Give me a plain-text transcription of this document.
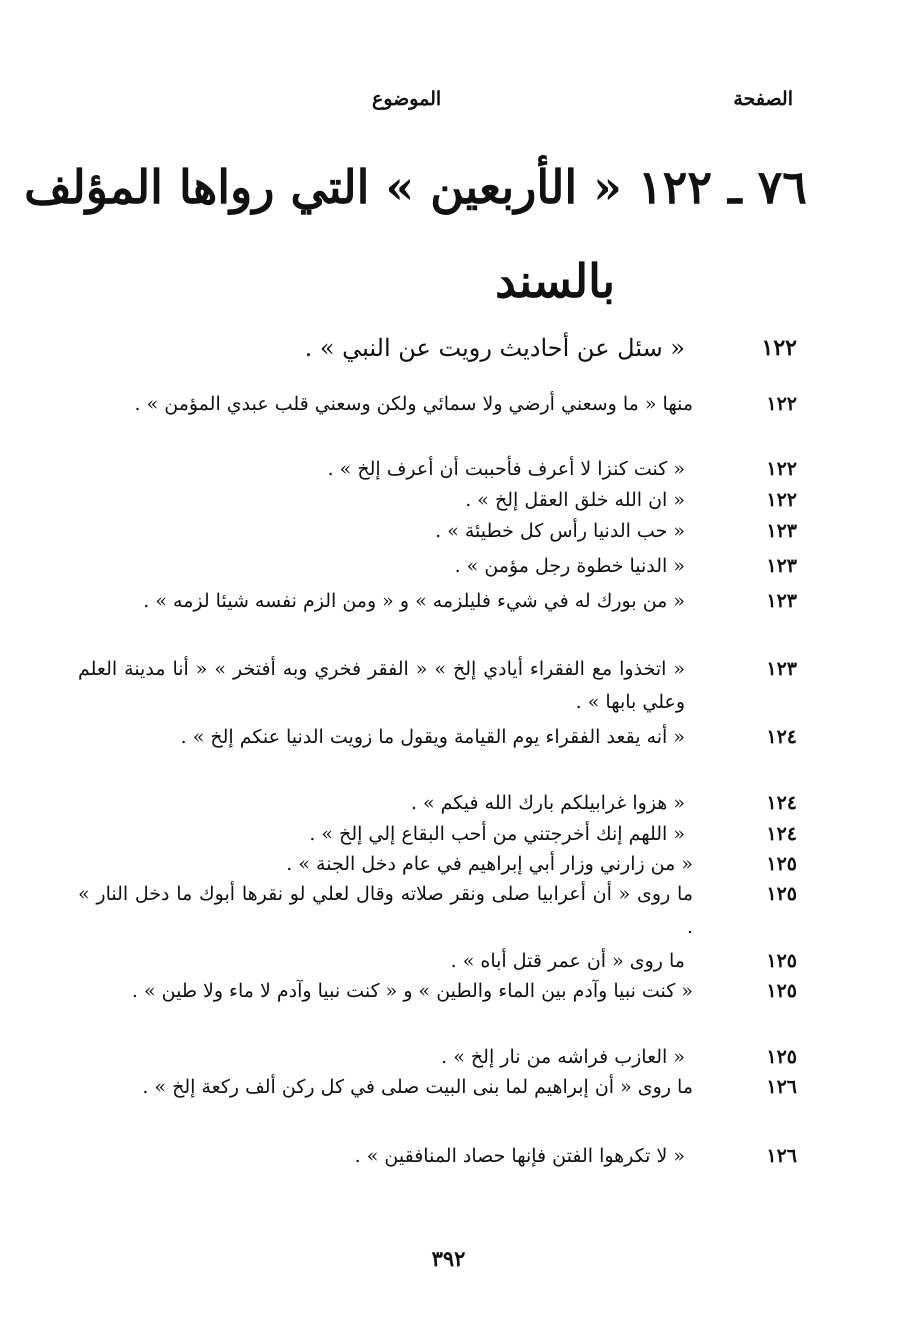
الصفحة
الموضوع
٧٦ ـ ١٢٢ « الأربعين » التي رواها المؤلف
بالسند
١٢٢
« سئل عن أحاديث رويت عن النبي » .
١٢٢
منها « ما وسعني أرضي ولا سمائي ولكن وسعني قلب عبدي المؤمن » .
١٢٢
« كنت كنزا لا أعرف فأحببت أن أعرف إلخ » .
١٢٢
« ان الله خلق العقل إلخ » .
١٢٣
« حب الدنيا رأس كل خطيئة » .
١٢٣
« الدنيا خطوة رجل مؤمن » .
١٢٣
« من بورك له في شيء فليلزمه » و « ومن الزم نفسه شيئا لزمه » .
١٢٣
« اتخذوا مع الفقراء أيادي إلخ » « الفقر فخري وبه أفتخر » « أنا مدينة العلم وعلي بابها » .
١٢٤
« أنه يقعد الفقراء يوم القيامة ويقول ما زويت الدنيا عنكم إلخ » .
١٢٤
« هزوا غرابيلكم بارك الله فيكم » .
١٢٤
« اللهم إنك أخرجتني من أحب البقاع إلي إلخ » .
١٢٥
« من زارني وزار أبي إبراهيم في عام دخل الجنة » .
١٢٥
ما روى « أن أعرابيا صلى ونقر صلاته وقال لعلي لو نقرها أبوك ما دخل النار » .
١٢٥
ما روى « أن عمر قتل أباه » .
١٢٥
« كنت نبيا وآدم بين الماء والطين » و « كنت نبيا وآدم لا ماء ولا طين » .
١٢٥
« العازب فراشه من نار إلخ » .
١٢٦
ما روى « أن إبراهيم لما بنى البيت صلى في كل ركن ألف ركعة إلخ » .
١٢٦
« لا تكرهوا الفتن فإنها حصاد المنافقين » .
٣٩٢
